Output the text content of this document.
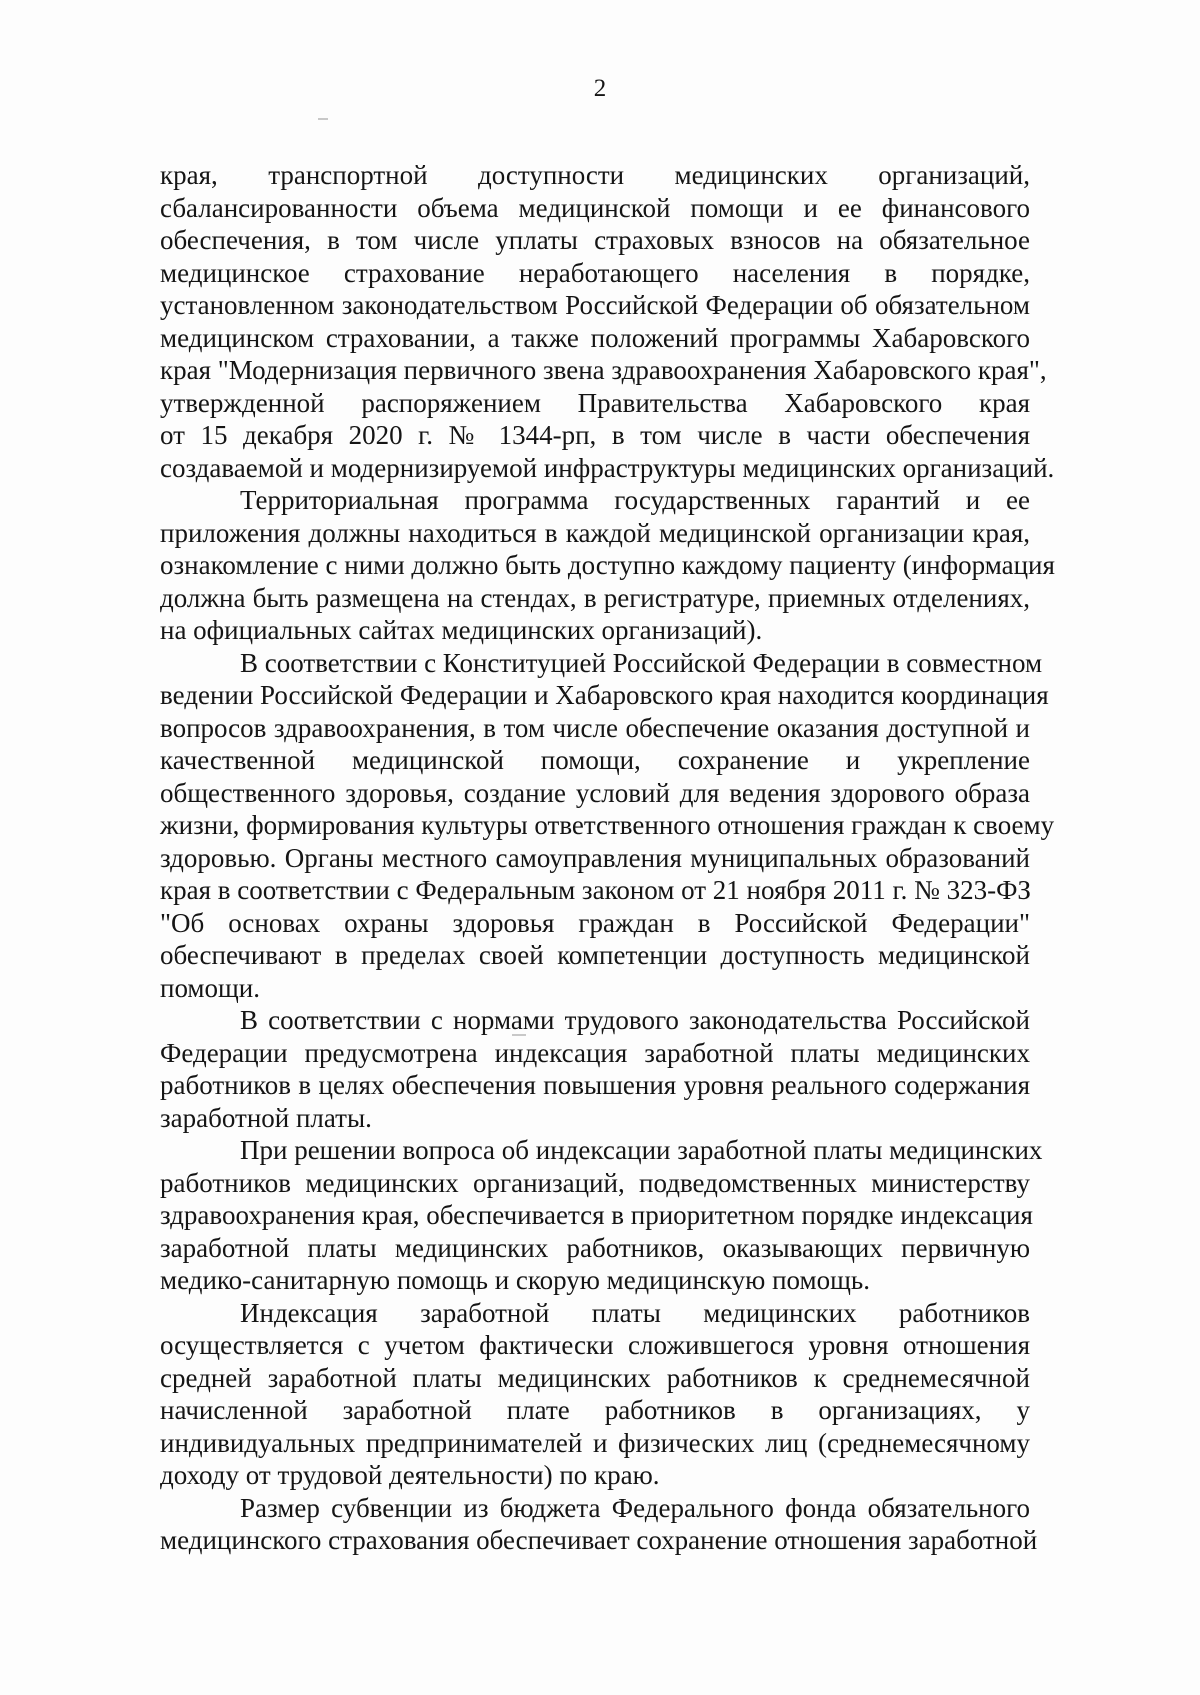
2
края, транспортной доступности медицинских организаций,
сбалансированности объема медицинской помощи и ее финансового
обеспечения, в том числе уплаты страховых взносов на обязательное
медицинское страхование неработающего населения в порядке,
установленном законодательством Российской Федерации об обязательном
медицинском страховании, а также положений программы Хабаровского
края "Модернизация первичного звена здравоохранения Хабаровского края",
утвержденной распоряжением Правительства Хабаровского края
от 15 декабря 2020 г. № 1344-рп, в том числе в части обеспечения
создаваемой и модернизируемой инфраструктуры медицинских организаций.
Территориальная программа государственных гарантий и ее
приложения должны находиться в каждой медицинской организации края,
ознакомление с ними должно быть доступно каждому пациенту (информация
должна быть размещена на стендах, в регистратуре, приемных отделениях,
на официальных сайтах медицинских организаций).
В соответствии с Конституцией Российской Федерации в совместном
ведении Российской Федерации и Хабаровского края находится координация
вопросов здравоохранения, в том числе обеспечение оказания доступной и
качественной медицинской помощи, сохранение и укрепление
общественного здоровья, создание условий для ведения здорового образа
жизни, формирования культуры ответственного отношения граждан к своему
здоровью. Органы местного самоуправления муниципальных образований
края в соответствии с Федеральным законом от 21 ноября 2011 г. № 323-ФЗ
"Об основах охраны здоровья граждан в Российской Федерации"
обеспечивают в пределах своей компетенции доступность медицинской
помощи.
В соответствии с нормами трудового законодательства Российской
Федерации предусмотрена индексация заработной платы медицинских
работников в целях обеспечения повышения уровня реального содержания
заработной платы.
При решении вопроса об индексации заработной платы медицинских
работников медицинских организаций, подведомственных министерству
здравоохранения края, обеспечивается в приоритетном порядке индексация
заработной платы медицинских работников, оказывающих первичную
медико-санитарную помощь и скорую медицинскую помощь.
Индексация заработной платы медицинских работников
осуществляется с учетом фактически сложившегося уровня отношения
средней заработной платы медицинских работников к среднемесячной
начисленной заработной плате работников в организациях, у
индивидуальных предпринимателей и физических лиц (среднемесячному
доходу от трудовой деятельности) по краю.
Размер субвенции из бюджета Федерального фонда обязательного
медицинского страхования обеспечивает сохранение отношения заработной
